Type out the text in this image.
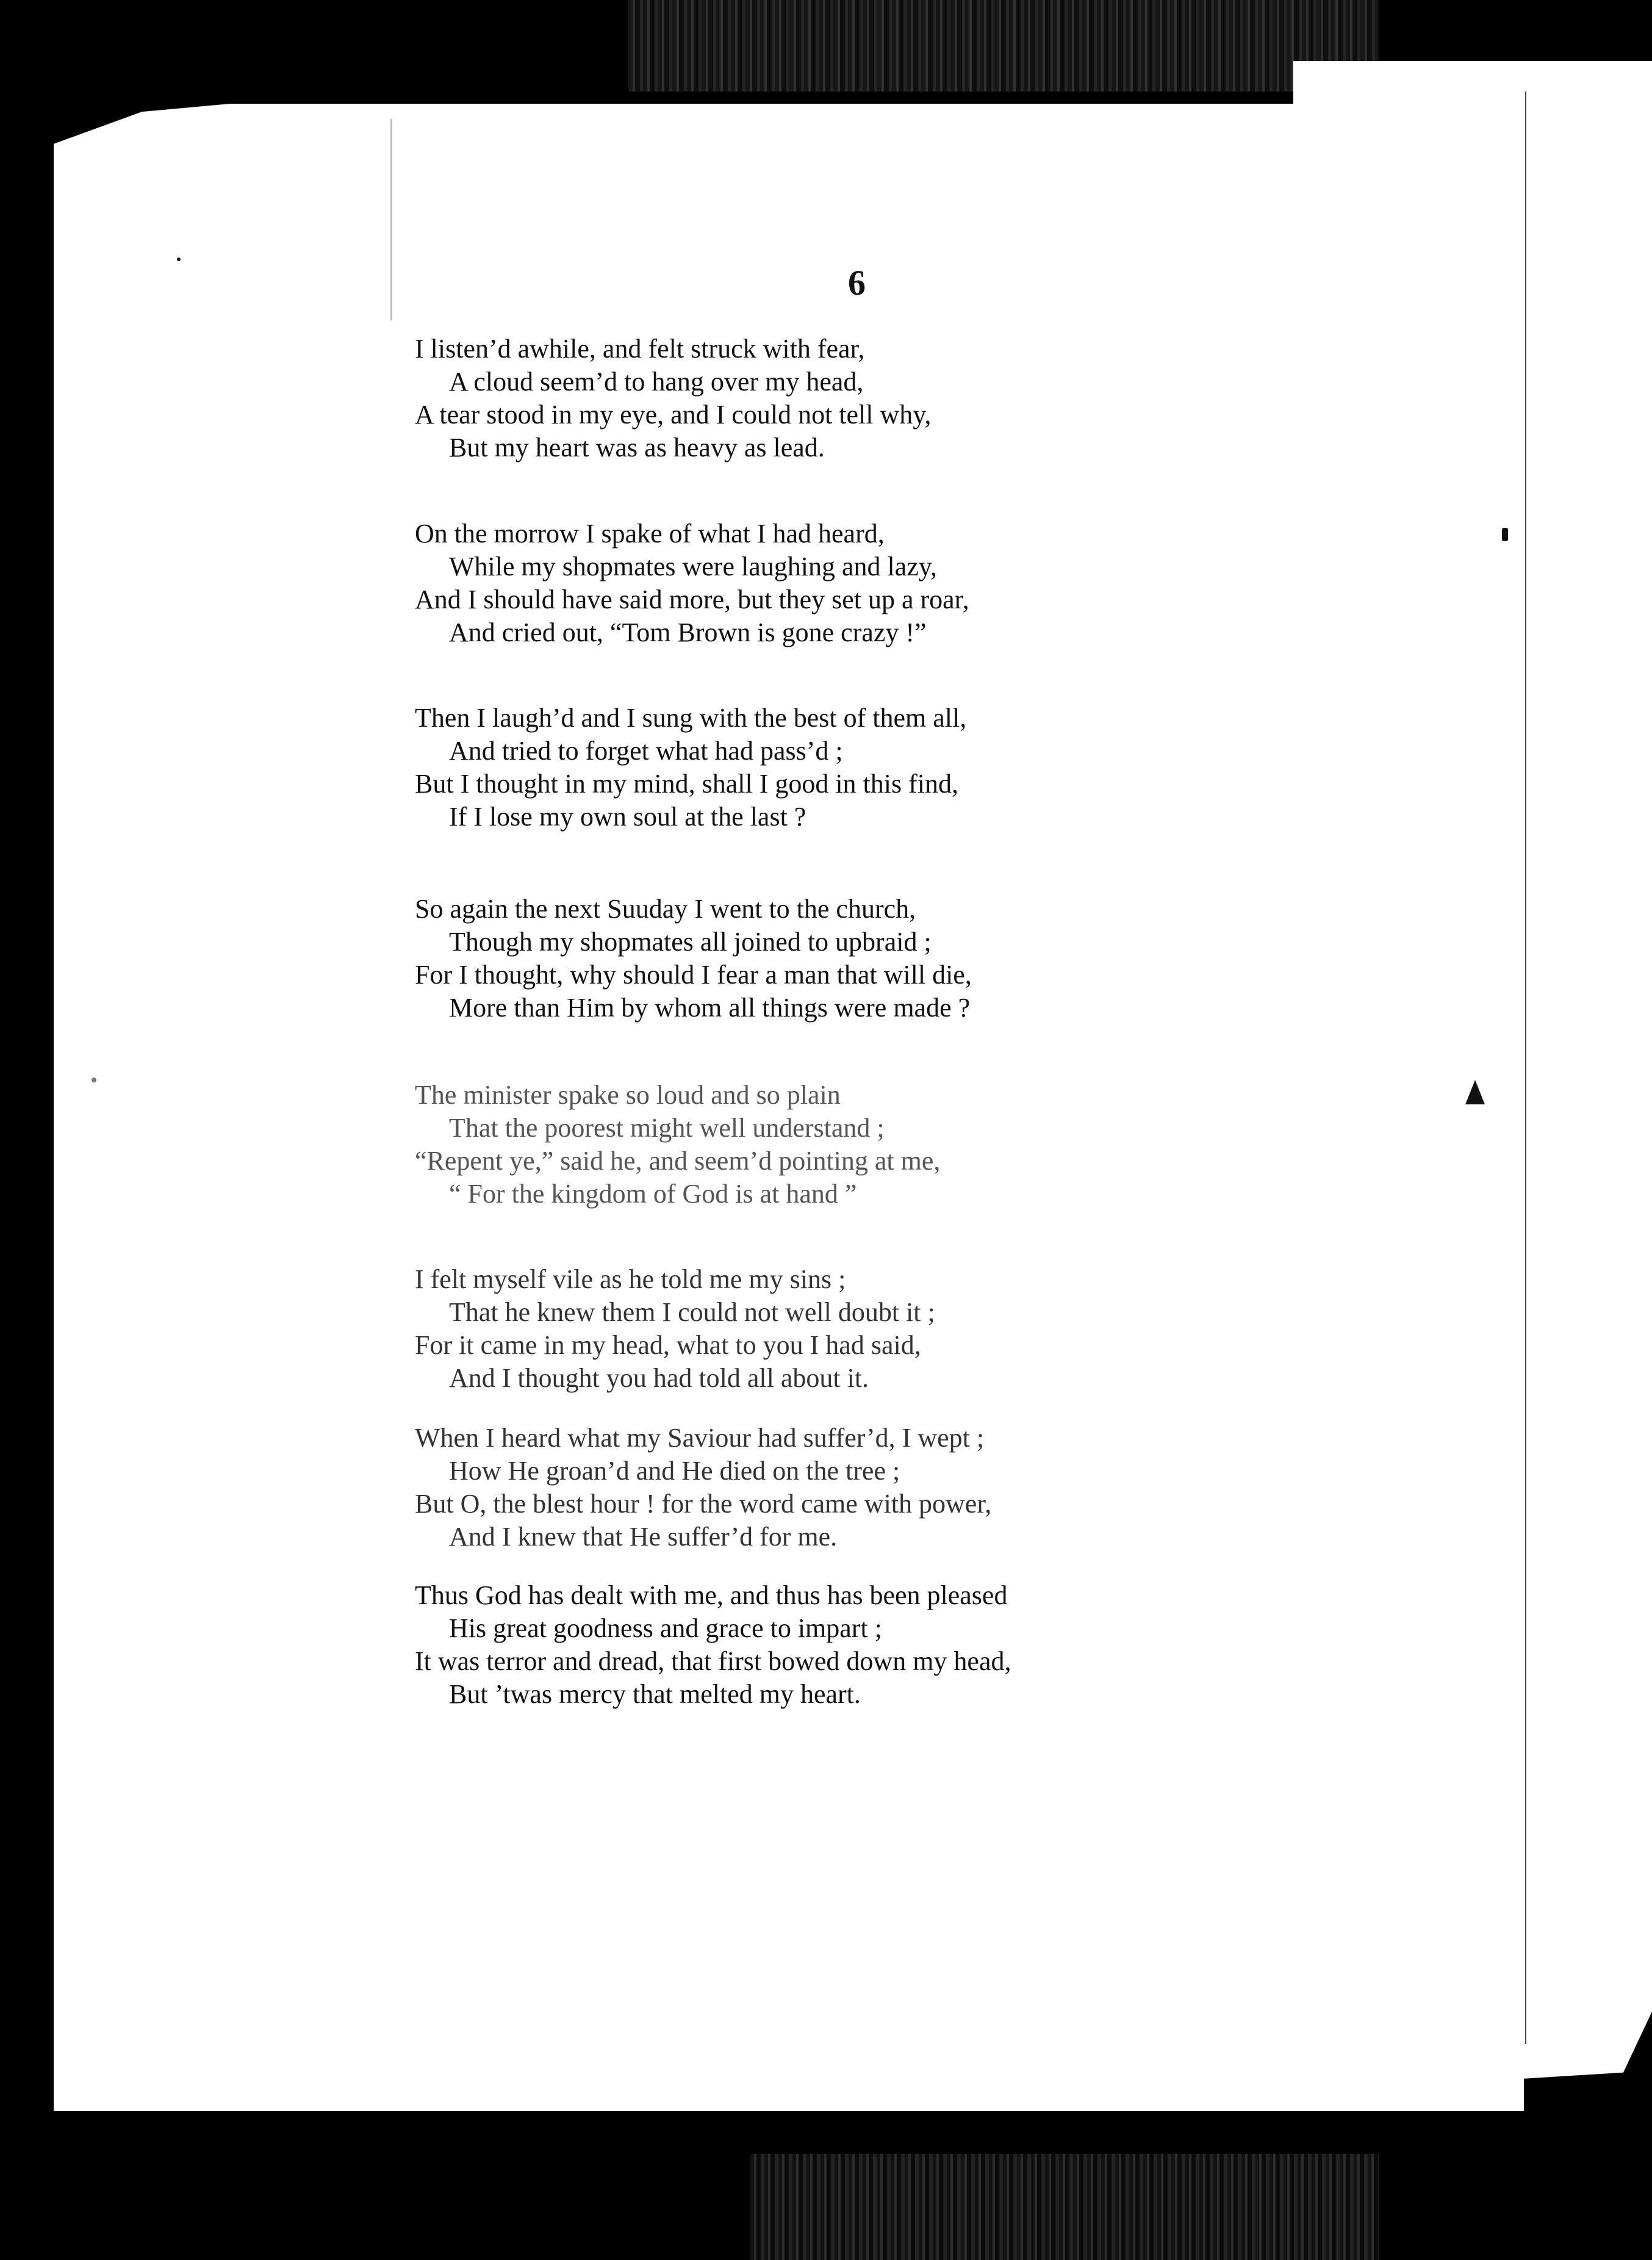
6
I listen’d awhile, and felt struck with fear,
A cloud seem’d to hang over my head,
A tear stood in my eye, and I could not tell why,
But my heart was as heavy as lead.
On the morrow I spake of what I had heard,
While my shopmates were laughing and lazy,
And I should have said more, but they set up a roar,
And cried out, “Tom Brown is gone crazy !”
Then I laugh’d and I sung with the best of them all,
And tried to forget what had pass’d ;
But I thought in my mind, shall I good in this find,
If I lose my own soul at the last ?
So again the next Suuday I went to the church,
Though my shopmates all joined to upbraid ;
For I thought, why should I fear a man that will die,
More than Him by whom all things were made ?
The minister spake so loud and so plain
That the poorest might well understand ;
“Repent ye,” said he, and seem’d pointing at me,
“ For the kingdom of God is at hand ”
I felt myself vile as he told me my sins ;
That he knew them I could not well doubt it ;
For it came in my head, what to you I had said,
And I thought you had told all about it.
When I heard what my Saviour had suffer’d, I wept ;
How He groan’d and He died on the tree ;
But O, the blest hour ! for the word came with power,
And I knew that He suffer’d for me.
Thus God has dealt with me, and thus has been pleased
His great goodness and grace to impart ;
It was terror and dread, that first bowed down my head,
But ’twas mercy that melted my heart.
